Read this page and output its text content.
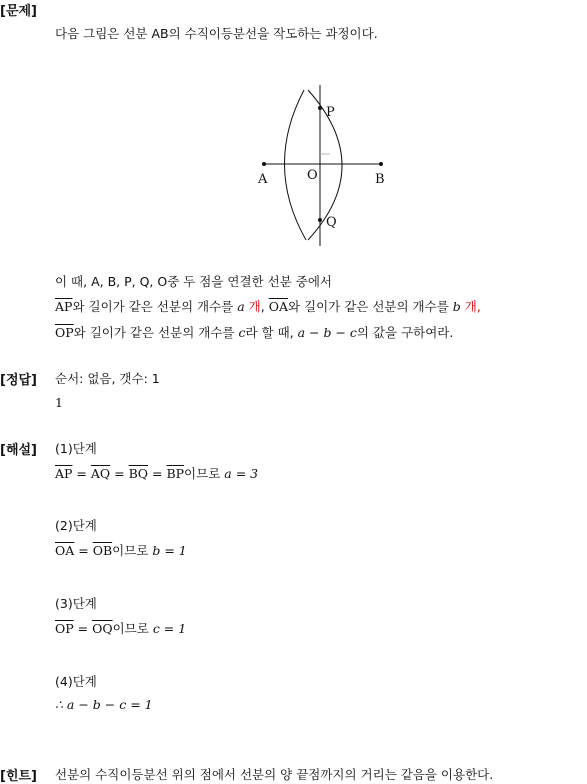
[문제]
다음 그림은 선분 AB의 수직이등분선을 작도하는 과정이다.
A	B
O
P
Q
이 때, A, B, P, Q, O중 두 점을 연결한 선분 중에서
$\overline{AP}$와 길이가 같은 선분의 개수를 a 개, $\overline{OA}$와 길이가 같은 선분의 개수를 b 개,
$\overline{OP}$와 길이가 같은 선분의 개수를 c라 할 때, a − b − c의 값을 구하여라.
[정답] 순서: 없음, 갯수: 1
1
[해설] (1)단계
$\overline{AP} = \overline{AQ} = \overline{BQ} = \overline{BP}$이므로 a = 3
(2)단계
$\overline{OA} = \overline{OB}$이므로 b = 1
(3)단계
$\overline{OP} = \overline{OQ}$이므로 c = 1
(4)단계
∴ a − b − c = 1
[힌트] 선분의 수직이등분선 위의 점에서 선분의 양 끝점까지의 거리는 같음을 이용한다.
